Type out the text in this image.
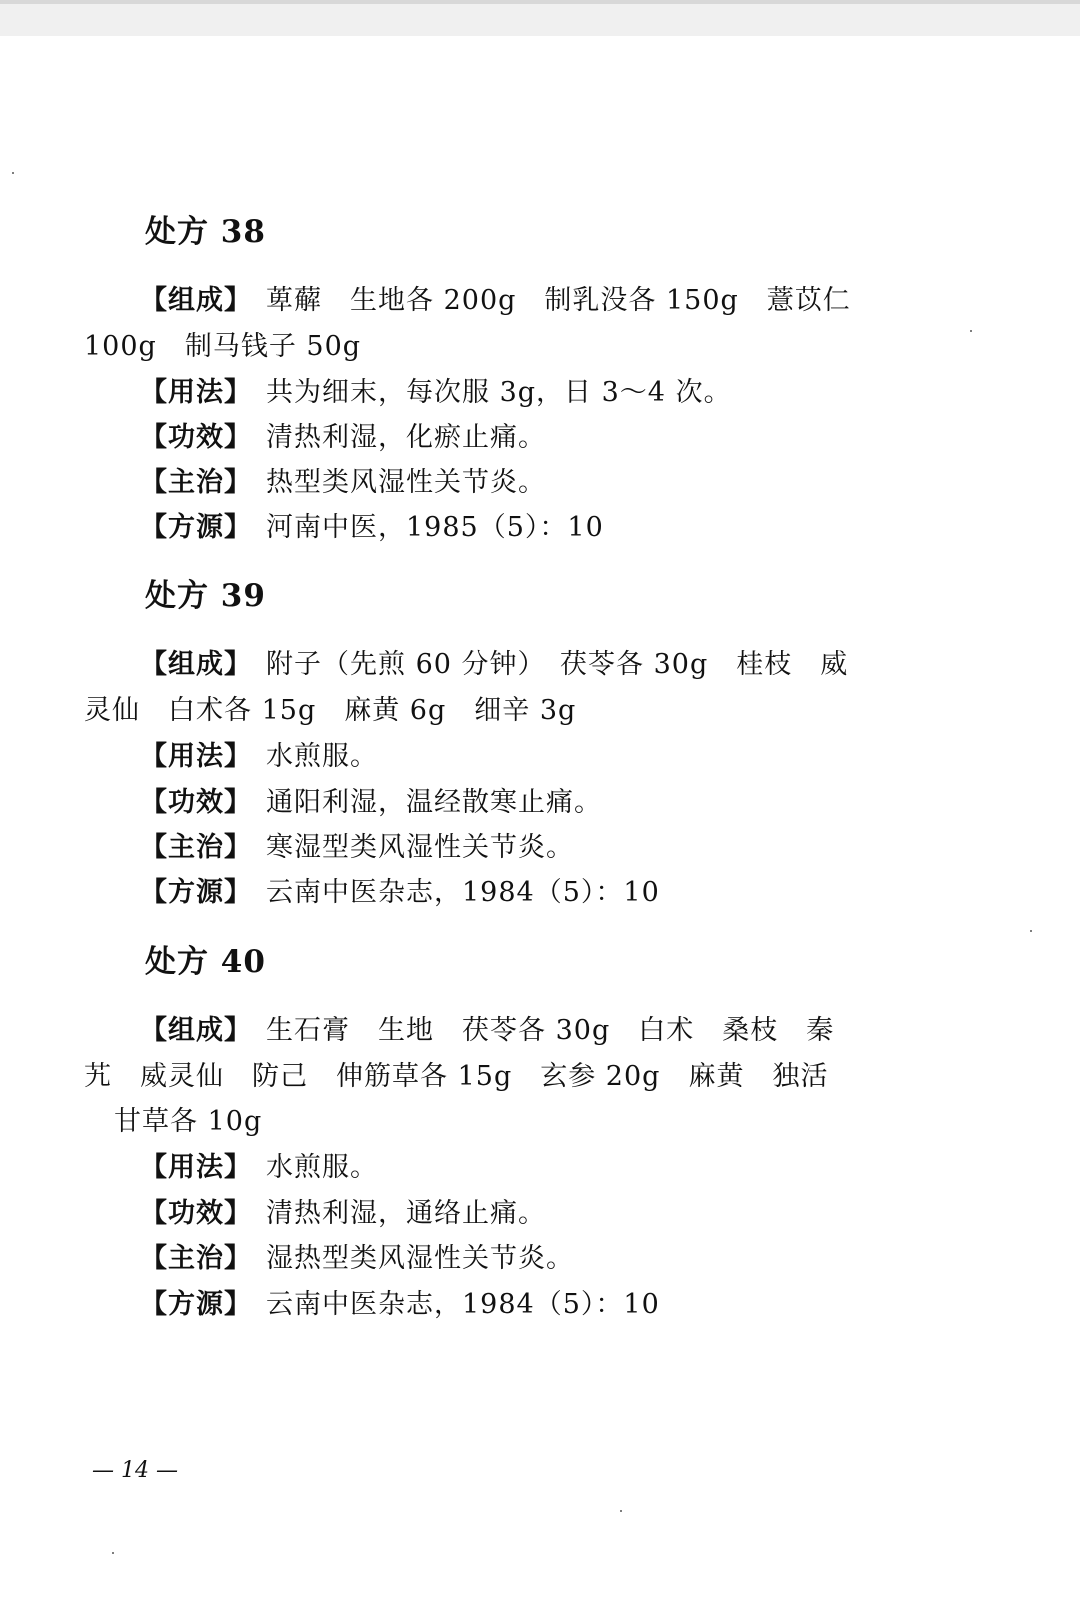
处方 38
【组成】 萆薢　生地各 200g　制乳没各 150g　薏苡仁
100g　制马钱子 50g
【用法】 共为细末，每次服 3g，日 3～4 次。
【功效】 清热利湿，化瘀止痛。
【主治】 热型类风湿性关节炎。
【方源】 河南中医，1985（5）：10
处方 39
【组成】 附子（先煎 60 分钟）　茯苓各 30g　桂枝　威
灵仙　白术各 15g　麻黄 6g　细辛 3g
【用法】 水煎服。
【功效】 通阳利湿，温经散寒止痛。
【主治】 寒湿型类风湿性关节炎。
【方源】 云南中医杂志，1984（5）：10
处方 40
【组成】 生石膏　生地　茯苓各 30g　白术　桑枝　秦
艽　威灵仙　防己　伸筋草各 15g　玄参 20g　麻黄　独活
甘草各 10g
【用法】 水煎服。
【功效】 清热利湿，通络止痛。
【主治】 湿热型类风湿性关节炎。
【方源】 云南中医杂志，1984（5）：10
— 14 —
